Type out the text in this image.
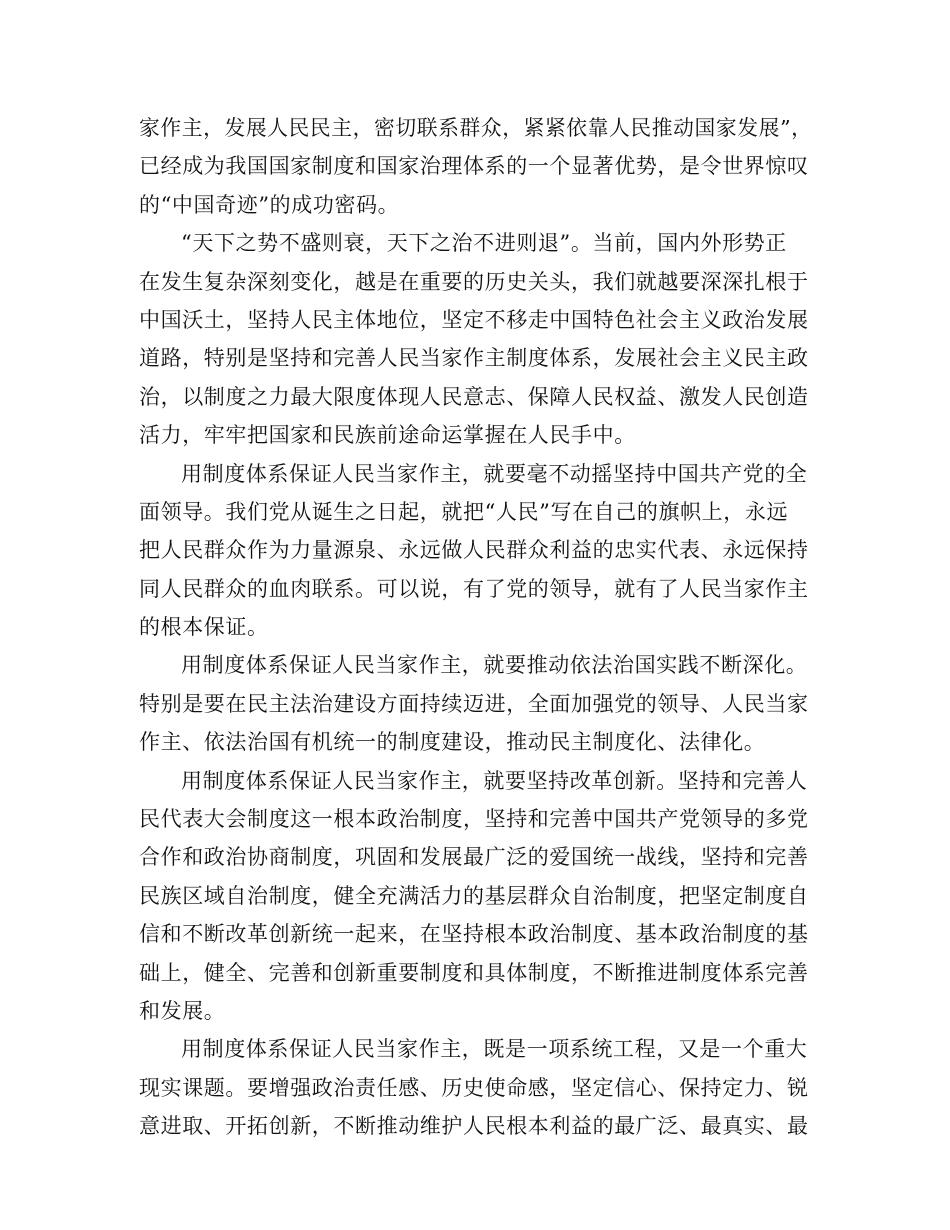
家作主，发展人民民主，密切联系群众，紧紧依靠人民推动国家发展”，
已经成为我国国家制度和国家治理体系的一个显著优势，是令世界惊叹
的“中国奇迹”的成功密码。
“天下之势不盛则衰，天下之治不进则退”。当前，国内外形势正
在发生复杂深刻变化，越是在重要的历史关头，我们就越要深深扎根于
中国沃土，坚持人民主体地位，坚定不移走中国特色社会主义政治发展
道路，特别是坚持和完善人民当家作主制度体系，发展社会主义民主政
治，以制度之力最大限度体现人民意志、保障人民权益、激发人民创造
活力，牢牢把国家和民族前途命运掌握在人民手中。
用制度体系保证人民当家作主，就要毫不动摇坚持中国共产党的全
面领导。我们党从诞生之日起，就把“人民”写在自己的旗帜上，永远
把人民群众作为力量源泉、永远做人民群众利益的忠实代表、永远保持
同人民群众的血肉联系。可以说，有了党的领导，就有了人民当家作主
的根本保证。
用制度体系保证人民当家作主，就要推动依法治国实践不断深化。
特别是要在民主法治建设方面持续迈进，全面加强党的领导、人民当家
作主、依法治国有机统一的制度建设，推动民主制度化、法律化。
用制度体系保证人民当家作主，就要坚持改革创新。坚持和完善人
民代表大会制度这一根本政治制度，坚持和完善中国共产党领导的多党
合作和政治协商制度，巩固和发展最广泛的爱国统一战线，坚持和完善
民族区域自治制度，健全充满活力的基层群众自治制度，把坚定制度自
信和不断改革创新统一起来，在坚持根本政治制度、基本政治制度的基
础上，健全、完善和创新重要制度和具体制度，不断推进制度体系完善
和发展。
用制度体系保证人民当家作主，既是一项系统工程，又是一个重大
现实课题。要增强政治责任感、历史使命感，坚定信心、保持定力、锐
意进取、开拓创新，不断推动维护人民根本利益的最广泛、最真实、最
